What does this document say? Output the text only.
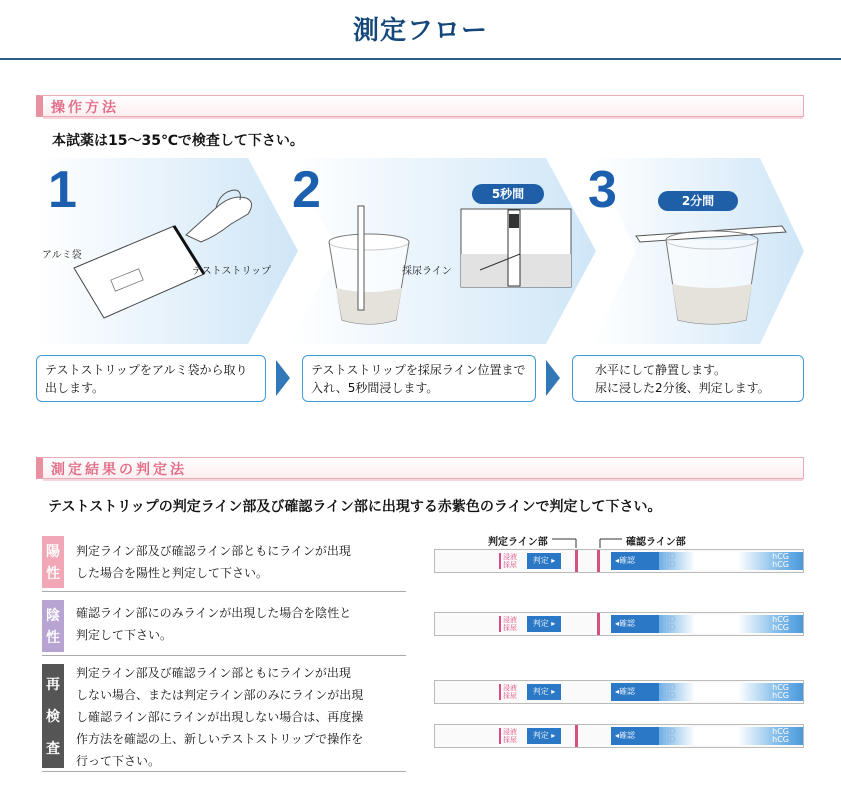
測定フロー
操作方法
本試薬は15〜35℃で検査して下さい。
アルミ袋
テストストリップ
5秒間
採尿ライン
2分間
1	2	3
テストストリップをアルミ袋から取り出します。
テストストリップを採尿ライン位置まで入れ、5秒間浸します。
水平にして静置します。
尿に浸した2分後、判定します。
測定結果の判定法
テストストリップの判定ライン部及び確認ライン部に出現する赤紫色のラインで判定して下さい。
陽
性
判定ライン部及び確認ライン部ともにラインが出現
した場合を陽性と判定して下さい。
陰
性
確認ライン部にのみラインが出現した場合を陰性と
判定して下さい。
再
検
査
判定ライン部及び確認ライン部ともにラインが出現
しない場合、または判定ライン部のみにラインが出現
し確認ライン部にラインが出現しない場合は、再度操
作方法を確認の上、新しいテストストリップで操作を
行って下さい。
判定ライン部	確認ライン部
浸液
採尿	判定 ▸	◂確認	ID
ID
hCG
hCG
浸液
採尿	判定 ▸	◂確認	ID
ID
hCG
hCG
浸液
採尿	判定 ▸	◂確認	ID
ID
hCG
hCG
浸液
採尿	判定 ▸	◂確認	ID
ID
hCG
hCG
